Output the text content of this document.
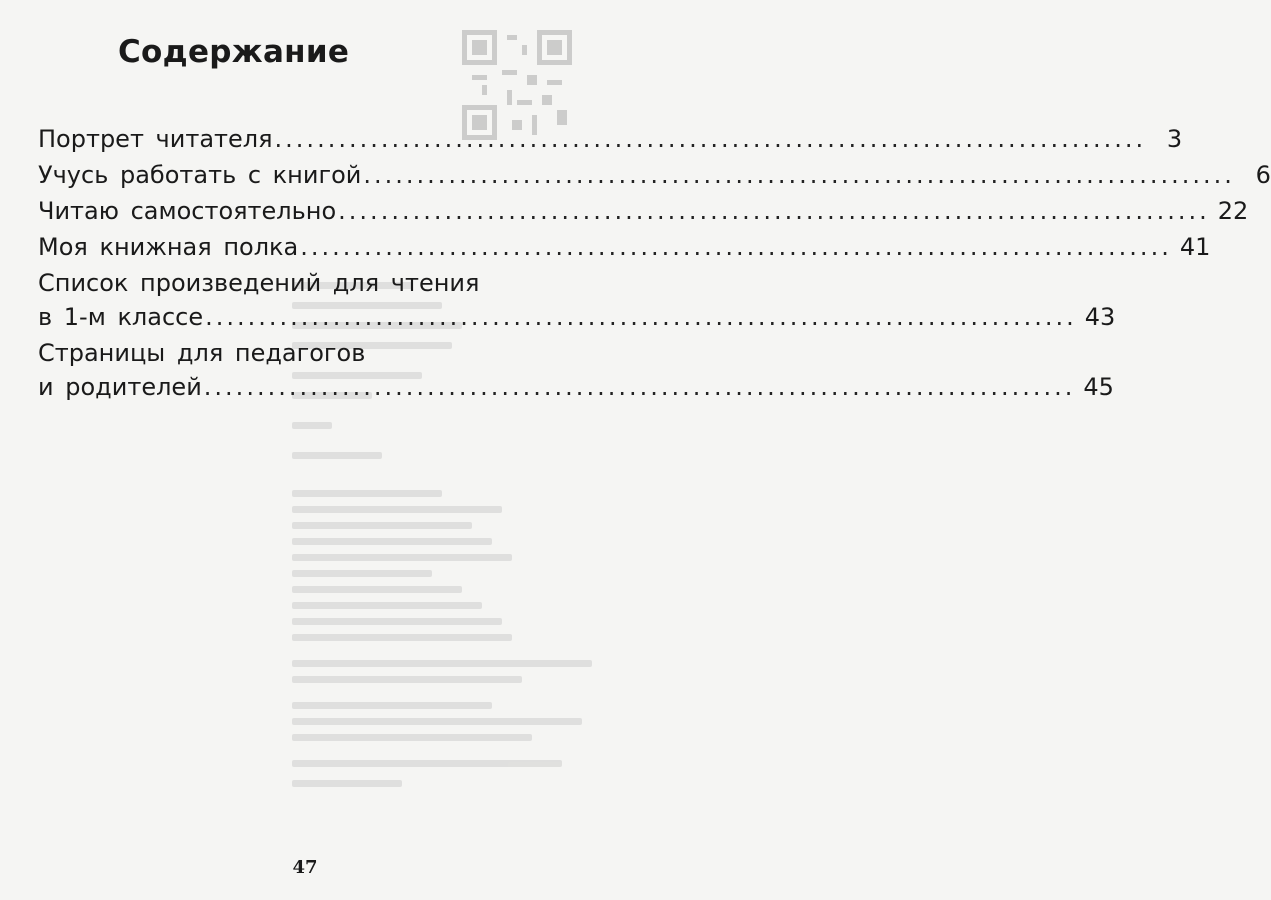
Содержание
Портрет читателя .................................................................................. 3
Учусь работать с книгой .................................................................................. 6
Читаю самостоятельно .................................................................................. 22
Моя книжная полка .................................................................................. 41
Список произведений для чтения
в 1-м классе .................................................................................. 43
Страницы для педагогов
и родителей .................................................................................. 45
47
